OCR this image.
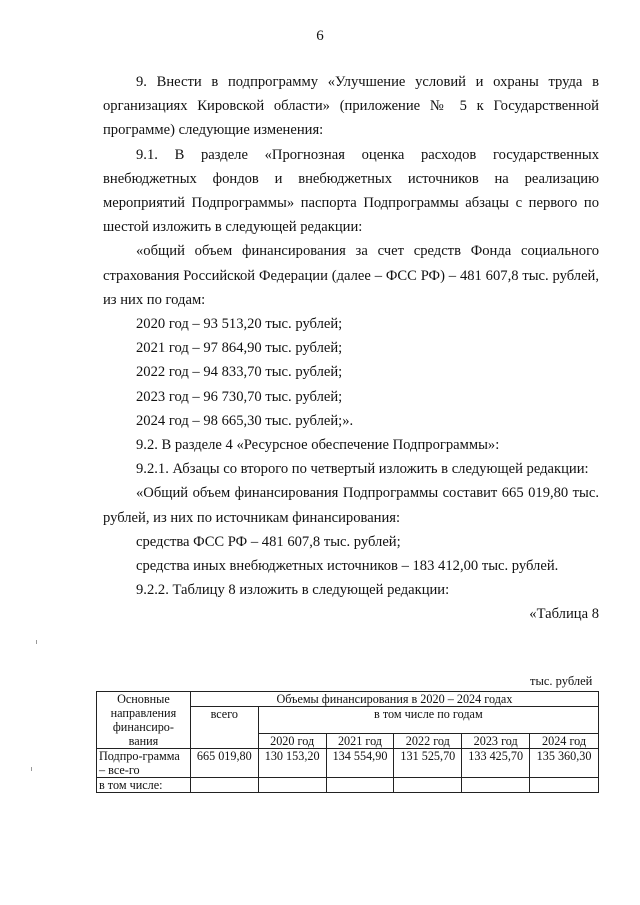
6

9. Внести в подпрограмму «Улучшение условий и охраны труда в организациях Кировской области» (приложение № 5 к Государственной программе) следующие изменения:

9.1. В разделе «Прогнозная оценка расходов государственных внебюджетных фондов и внебюджетных источников на реализацию мероприятий Подпрограммы» паспорта Подпрограммы абзацы с первого по шестой изложить в следующей редакции:

«общий объем финансирования за счет средств Фонда социального страхования Российской Федерации (далее – ФСС РФ) – 481 607,8 тыс. рублей, из них по годам:

2020 год – 93 513,20 тыс. рублей;

2021 год – 97 864,90 тыс. рублей;

2022 год – 94 833,70 тыс. рублей;

2023 год – 96 730,70 тыс. рублей;

2024 год – 98 665,30 тыс. рублей;».

9.2. В разделе 4 «Ресурсное обеспечение Подпрограммы»:

9.2.1. Абзацы со второго по четвертый изложить в следующей редакции:

«Общий объем финансирования Подпрограммы составит 665 019,80 тыс. рублей, из них по источникам финансирования:

средства ФСС РФ – 481 607,8 тыс. рублей;

средства иных внебюджетных источников – 183 412,00 тыс. рублей.

9.2.2. Таблицу 8 изложить в следующей редакции:

«Таблица 8

тыс. рублей
Основные направления финансиро-вания	Объемы финансирования в 2020 – 2024 годах					
	всего	в том числе по годам				
		2020 год	2021 год	2022 год	2023 год	2024 год
Подпро-грамма – все-го	665 019,80	130 153,20	134 554,90	131 525,70	133 425,70	135 360,30
в том числе:						
